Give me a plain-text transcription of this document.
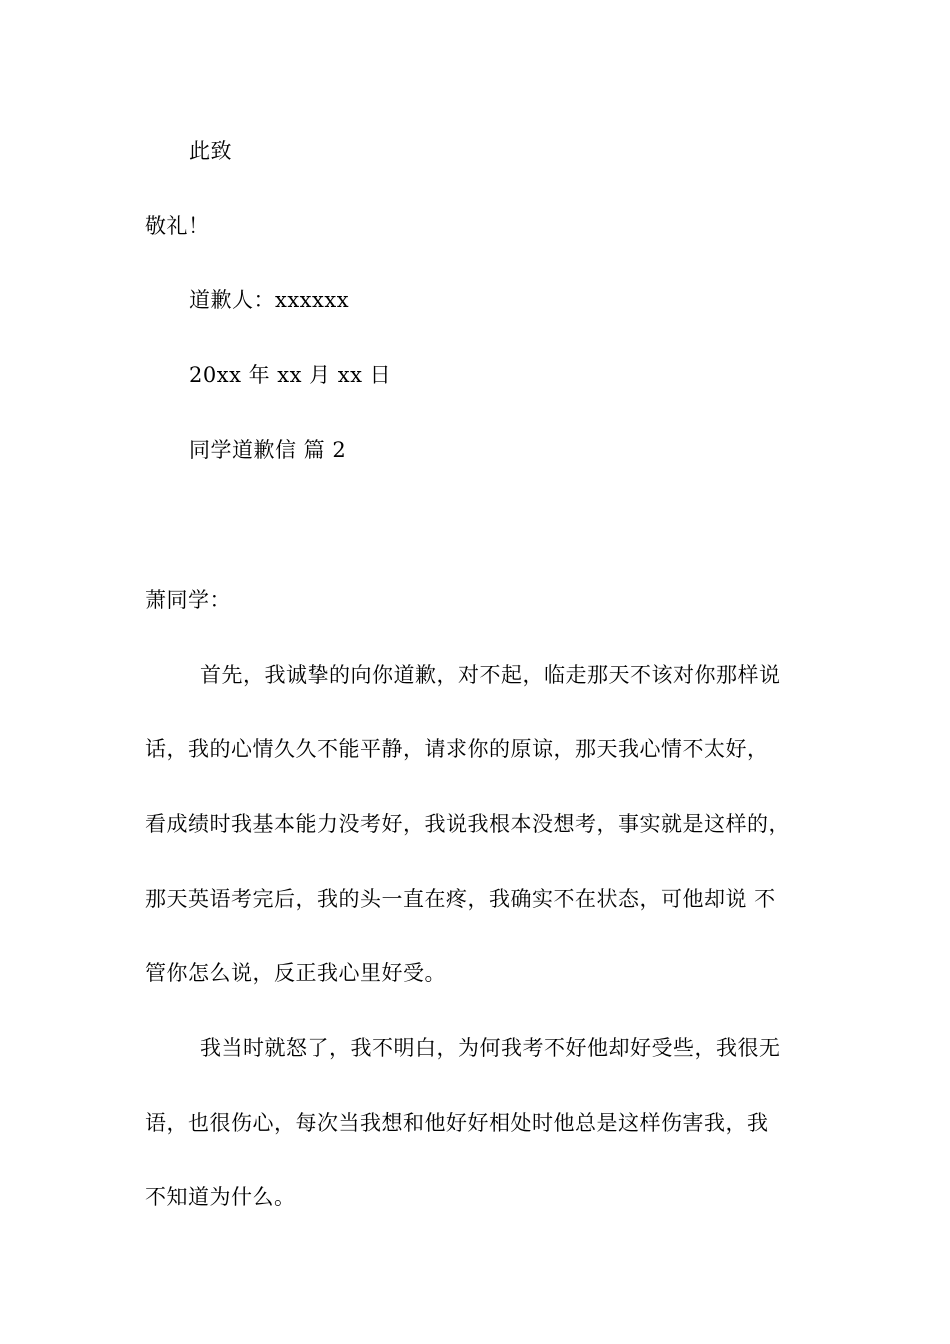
此致
敬礼！
道歉人：xxxxxx
20xx 年 xx 月 xx 日
同学道歉信 篇 2
萧同学：
首先，我诚挚的向你道歉，对不起，临走那天不该对你那样说
话，我的心情久久不能平静，请求你的原谅，那天我心情不太好，
看成绩时我基本能力没考好，我说我根本没想考，事实就是这样的，
那天英语考完后，我的头一直在疼，我确实不在状态，可他却说 不
管你怎么说，反正我心里好受。
我当时就怒了，我不明白，为何我考不好他却好受些，我很无
语，也很伤心，每次当我想和他好好相处时他总是这样伤害我，我
不知道为什么。
